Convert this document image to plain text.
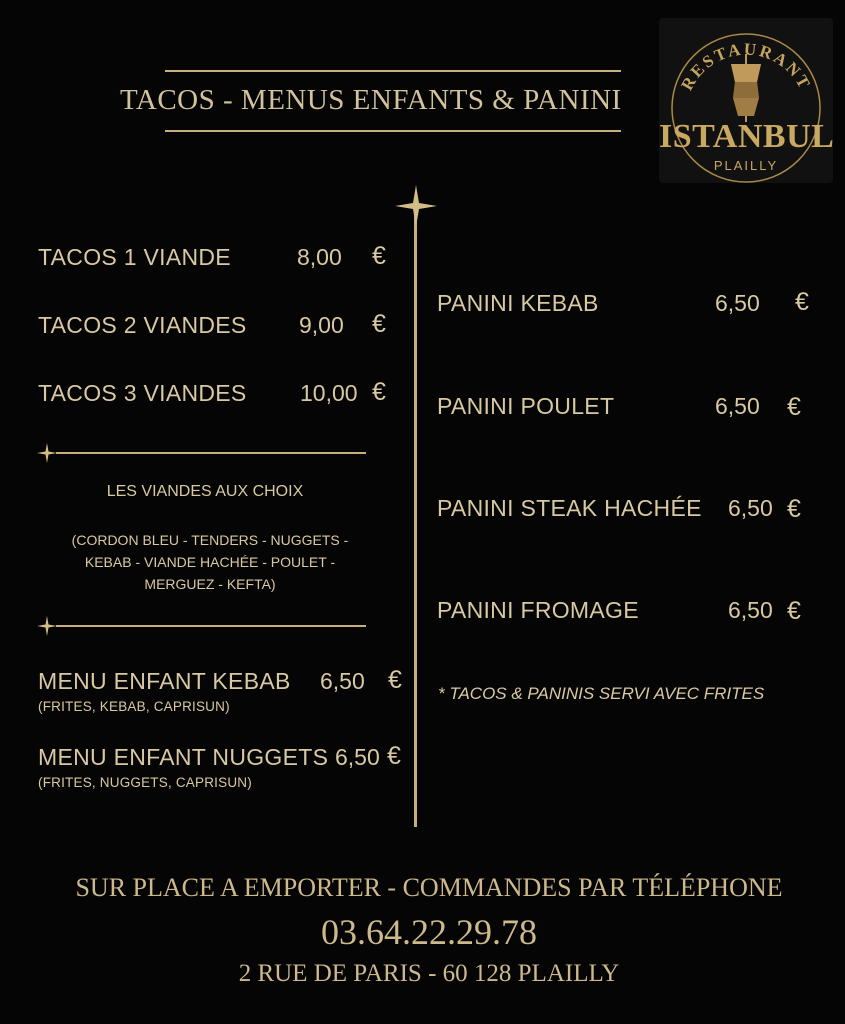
TACOS - MENUS ENFANTS & PANINI
RESTAURANT
ISTANBUL
PLAILLY
TACOS 1 VIANDE	8,00 €
TACOS 2 VIANDES 9,00 €
TACOS 3 VIANDES 10,00 €
LES VIANDES AUX CHOIX
(CORDON BLEU - TENDERS - NUGGETS -
KEBAB - VIANDE HACHÉE - POULET -
MERGUEZ - KEFTA)
MENU ENFANT KEBAB 6,50 €
(FRITES, KEBAB, CAPRISUN)
MENU ENFANT NUGGETS 6,50 €
(FRITES, NUGGETS, CAPRISUN)
PANINI KEBAB	6,50 €
PANINI POULET	6,50 €
PANINI STEAK HACHÉE 6,50 €
PANINI FROMAGE	6,50 €
* TACOS & PANINIS SERVI AVEC FRITES
SUR PLACE A EMPORTER - COMMANDES PAR TÉLÉPHONE
03.64.22.29.78
2 RUE DE PARIS - 60 128 PLAILLY
